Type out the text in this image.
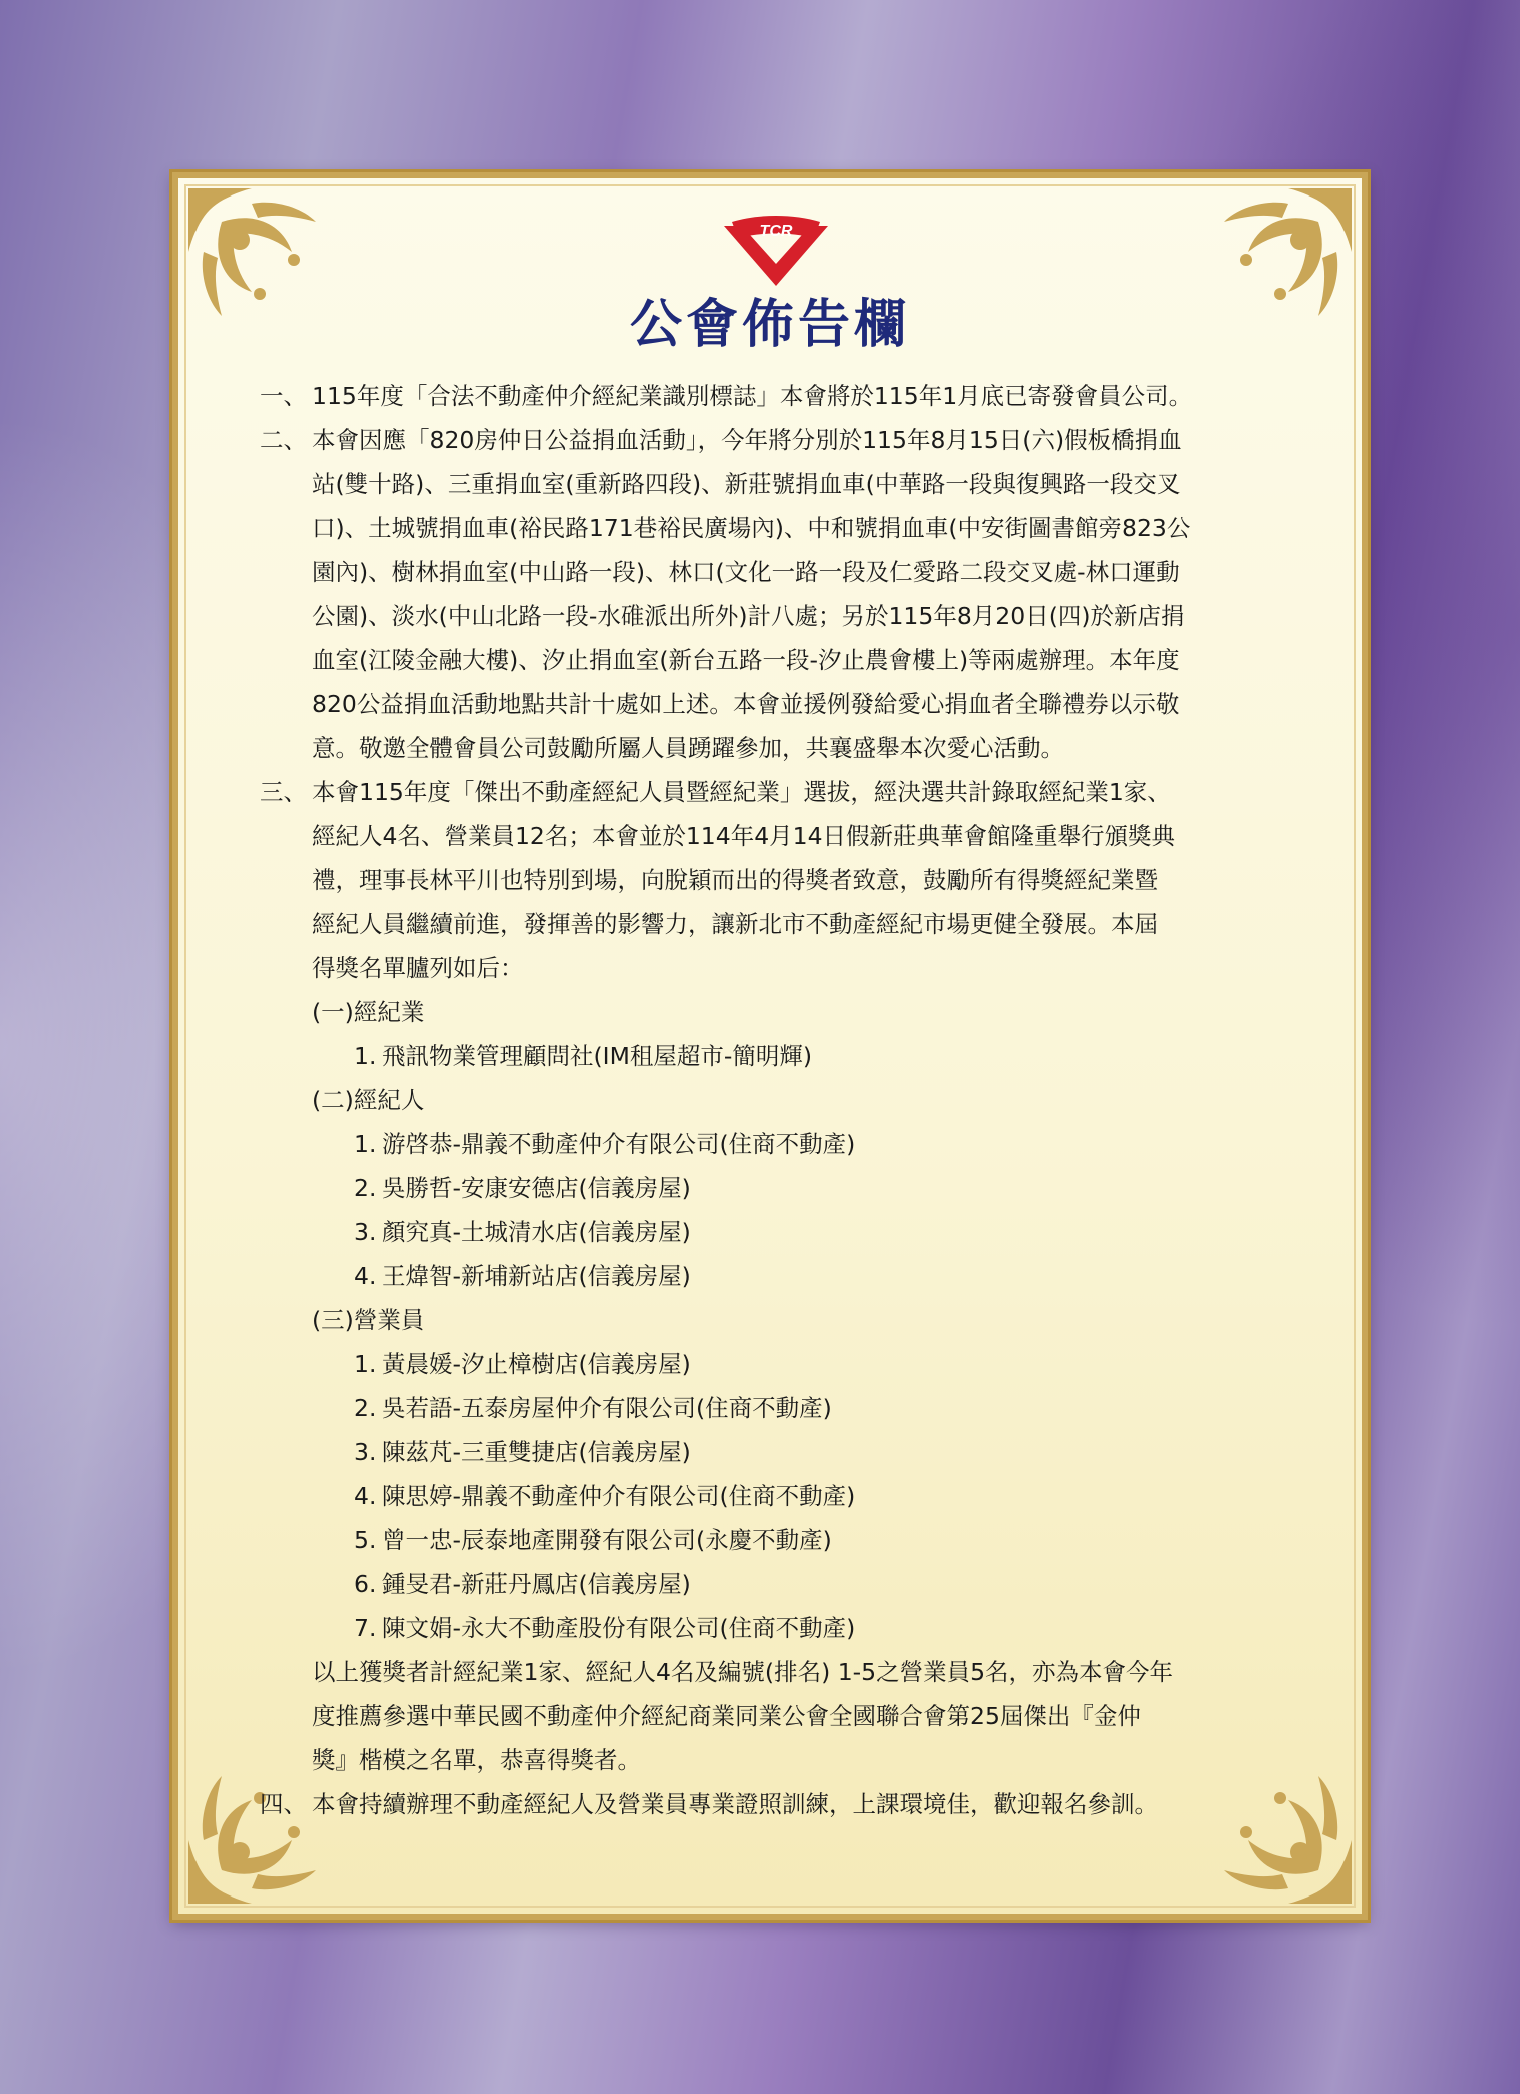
TCR
公會佈告欄
一、 115年度「合法不動產仲介經紀業識別標誌」本會將於115年1月底已寄發會員公司。

二、 本會因應「820房仲日公益捐血活動」，今年將分別於115年8月15日(六)假板橋捐血

站(雙十路)、三重捐血室(重新路四段)、新莊號捐血車(中華路一段與復興路一段交叉

口)、土城號捐血車(裕民路171巷裕民廣場內)、中和號捐血車(中安街圖書館旁823公

園內)、樹林捐血室(中山路一段)、林口(文化一路一段及仁愛路二段交叉處-林口運動

公園)、淡水(中山北路一段-水碓派出所外)計八處；另於115年8月20日(四)於新店捐

血室(江陵金融大樓)、汐止捐血室(新台五路一段-汐止農會樓上)等兩處辦理。本年度

820公益捐血活動地點共計十處如上述。本會並援例發給愛心捐血者全聯禮券以示敬

意。敬邀全體會員公司鼓勵所屬人員踴躍參加，共襄盛舉本次愛心活動。

三、 本會115年度「傑出不動產經紀人員暨經紀業」選拔，經決選共計錄取經紀業1家、

經紀人4名、營業員12名；本會並於114年4月14日假新莊典華會館隆重舉行頒獎典

禮，理事長林平川也特別到場，向脫穎而出的得獎者致意，鼓勵所有得獎經紀業暨

經紀人員繼續前進，發揮善的影響力，讓新北市不動產經紀市場更健全發展。本屆

得獎名單臚列如后：

(一)經紀業

1. 飛訊物業管理顧問社(IM租屋超市-簡明輝)

(二)經紀人

1. 游啓恭-鼎義不動產仲介有限公司(住商不動產)

2. 吳勝哲-安康安德店(信義房屋)

3. 顏究真-土城清水店(信義房屋)

4. 王煒智-新埔新站店(信義房屋)

(三)營業員

1. 黃晨媛-汐止樟樹店(信義房屋)

2. 吳若語-五泰房屋仲介有限公司(住商不動產)

3. 陳茲芃-三重雙捷店(信義房屋)

4. 陳思婷-鼎義不動產仲介有限公司(住商不動產)

5. 曾一忠-辰泰地產開發有限公司(永慶不動產)

6. 鍾旻君-新莊丹鳳店(信義房屋)

7. 陳文娟-永大不動產股份有限公司(住商不動產)

以上獲獎者計經紀業1家、經紀人4名及編號(排名) 1-5之營業員5名，亦為本會今年

度推薦參選中華民國不動產仲介經紀商業同業公會全國聯合會第25屆傑出『金仲

獎』楷模之名單，恭喜得獎者。

四、 本會持續辦理不動產經紀人及營業員專業證照訓練，上課環境佳，歡迎報名參訓。
